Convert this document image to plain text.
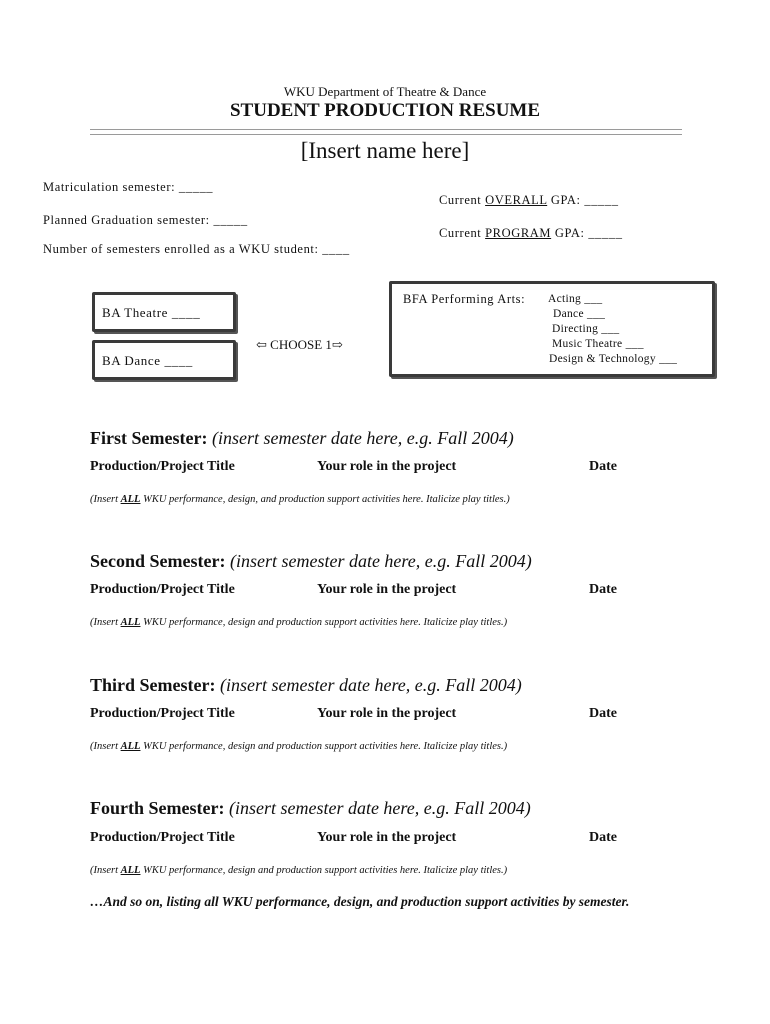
WKU Department of Theatre & Dance
STUDENT PRODUCTION RESUME
[Insert name here]
Matriculation semester: _____
Current OVERALL GPA: _____
Planned Graduation semester: _____
Current PROGRAM GPA: _____
Number of semesters enrolled as a WKU student: ____
BA Theatre ____
BA Dance ____
⇦ CHOOSE 1⇨
BFA Performing Arts: Acting ___
Dance ___
Directing ___
Music Theatre ___
Design & Technology ___
First Semester: (insert semester date here, e.g. Fall 2004)
Production/Project Title	Your role in the project	Date
(Insert ALL WKU performance, design, and production support activities here. Italicize play titles.)
Second Semester: (insert semester date here, e.g. Fall 2004)
Production/Project Title	Your role in the project	Date
(Insert ALL WKU performance, design and production support activities here. Italicize play titles.)
Third Semester: (insert semester date here, e.g. Fall 2004)
Production/Project Title	Your role in the project	Date
(Insert ALL WKU performance, design and production support activities here. Italicize play titles.)
Fourth Semester: (insert semester date here, e.g. Fall 2004)
Production/Project Title	Your role in the project	Date
(Insert ALL WKU performance, design and production support activities here. Italicize play titles.)
…And so on, listing all WKU performance, design, and production support activities by semester.
